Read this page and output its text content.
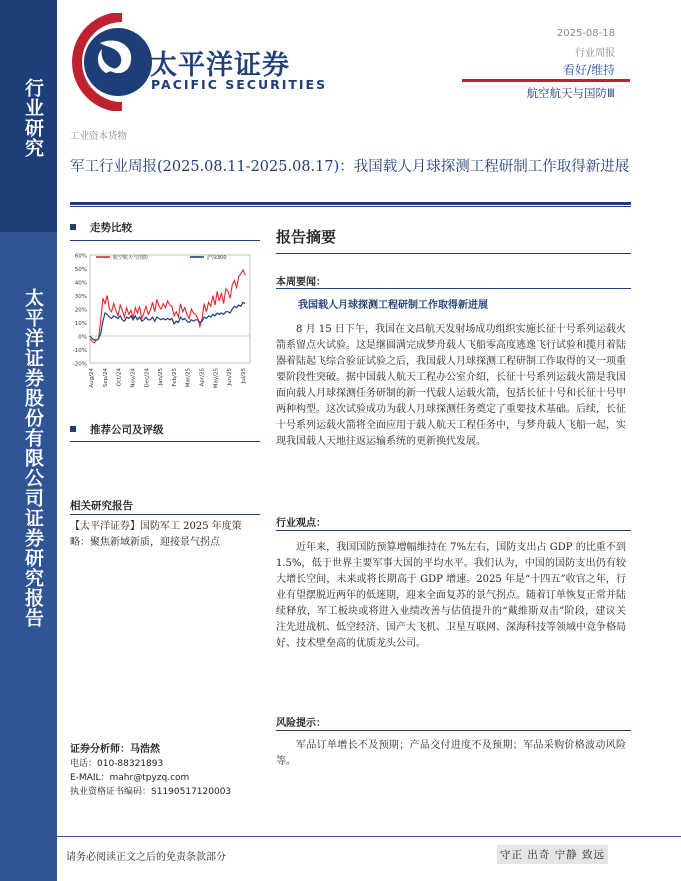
行业研究
太平洋证券股份有限公司证券研究报告
太平洋证券
PACIFIC SECURITIES
2025-08-18
行业周报
看好/维持
航空航天与国防Ⅲ
工业资本货物
军工行业周报(2025.08.11-2025.08.17)：我国载人月球探测工程研制工作取得新进展
走势比较
60%
50%
40%
30%
20%
10%
0%
-10%
-20%
Aug/24 Sep/24 Oct/24 Nov/24 Dec/24 Jan/25 Feb/25 Mar/25 Apr/25 May/25 Jun/25 Jul/25
航空航天与国防	沪深300
推荐公司及评级
相关研究报告
【太平洋证券】国防军工 2025 年度策略：聚焦新域新质，迎接景气拐点
证券分析师：马浩然
电话：010-88321893
E-MAIL：mahr@tpyzq.com
执业资格证书编码：S1190517120003
报告摘要
本周要闻：
我国载人月球探测工程研制工作取得新进展
8 月 15 日下午，我国在文昌航天发射场成功组织实施长征十号系列运载火箭系留点火试验。这是继圆满完成梦舟载人飞船零高度逃逸飞行试验和揽月着陆器着陆起飞综合验证试验之后，我国载人月球探测工程研制工作取得的又一项重要阶段性突破。据中国载人航天工程办公室介绍，长征十号系列运载火箭是我国面向载人月球探测任务研制的新一代载人运载火箭，包括长征十号和长征十号甲两种构型。这次试验成功为载人月球探测任务奠定了重要技术基础。后续，长征十号系列运载火箭将全面应用于载人航天工程任务中，与梦舟载人飞船一起，实现我国载人天地往返运输系统的更新换代发展。
行业观点：
近年来，我国国防预算增幅维持在 7%左右，国防支出占 GDP 的比重不到 1.5%，低于世界主要军事大国的平均水平。我们认为，中国的国防支出仍有较大增长空间，未来或将长期高于 GDP 增速。2025 年是“十四五”收官之年，行业有望摆脱近两年的低迷期，迎来全面复苏的景气拐点。随着订单恢复正常并陆续释放，军工板块或将进入业绩改善与估值提升的“戴维斯双击”阶段，建议关注先进战机、低空经济、国产大飞机、卫星互联网、深海科技等领域中竞争格局好、技术壁垒高的优质龙头公司。
风险提示：
军品订单增长不及预期；产品交付进度不及预期；军品采购价格波动风险等。
请务必阅读正文之后的免责条款部分	守正 出奇 宁静 致远
